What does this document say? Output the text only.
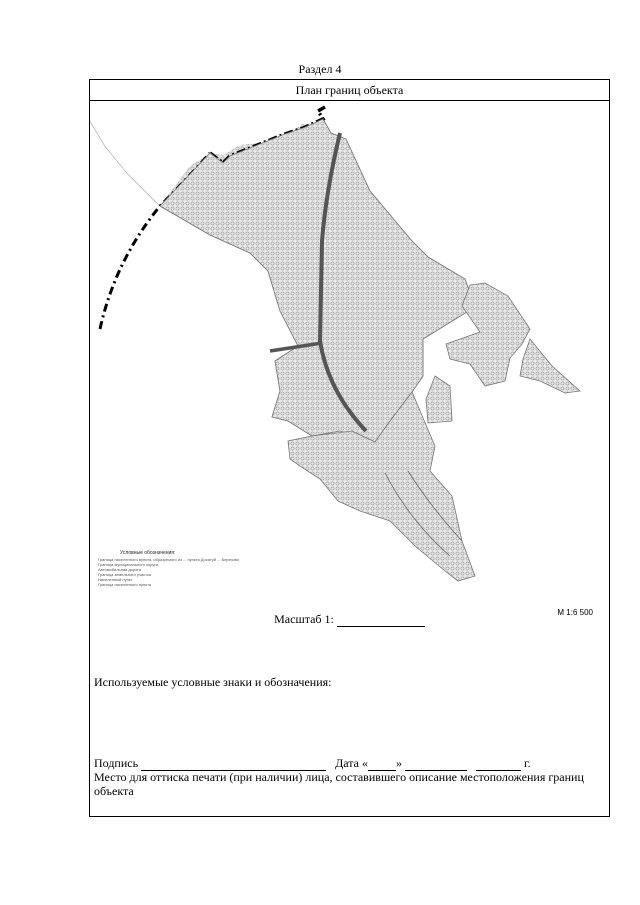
Раздел 4
План границ объекта
Условные обозначения:
Граница населенного пункта, образуемого из ... пункта Досатуй ... Березово
Граница муниципального округа
Автомобильная дорога
Граница земельного участка
Населенный пункт
Граница населенного пункта
М 1:6 500
Масштаб 1:
Используемые условные знаки и обозначения:
Подпись	Дата « »	г.
Место для оттиска печати (при наличии) лица, составившего описание местоположения границ объекта
